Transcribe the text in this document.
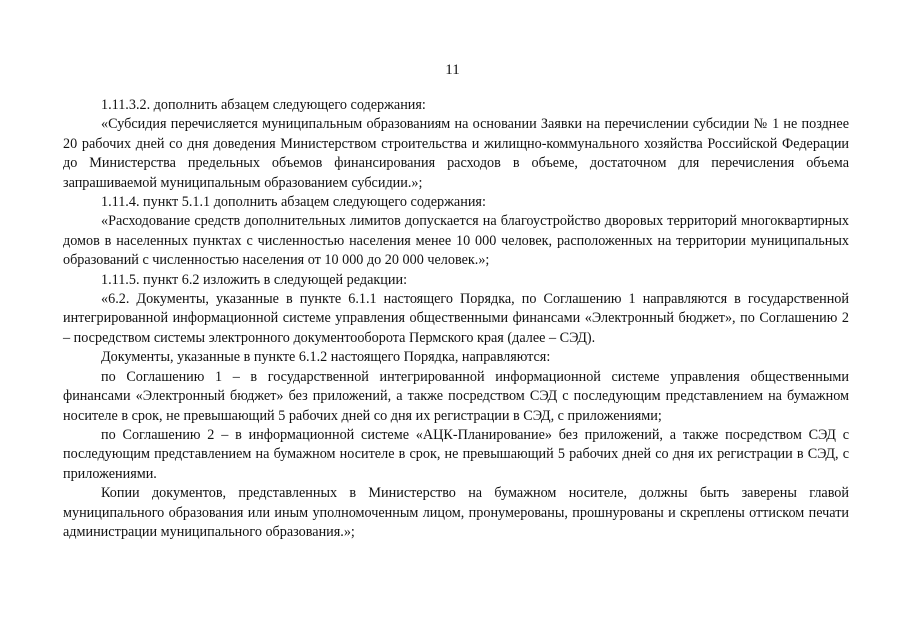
11

1.11.3.2. дополнить абзацем следующего содержания:

«Субсидия перечисляется муниципальным образованиям на основании Заявки на перечислении субсидии № 1 не позднее 20 рабочих дней со дня доведения Министерством строительства и жилищно-коммунального хозяйства Российской Федерации до Министерства предельных объемов финансирования расходов в объеме, достаточном для перечисления объема запрашиваемой муниципальным образованием субсидии.»;

1.11.4. пункт 5.1.1 дополнить абзацем следующего содержания:

«Расходование средств дополнительных лимитов допускается на благоустройство дворовых территорий многоквартирных домов в населенных пунктах с численностью населения менее 10 000 человек, расположенных на территории муниципальных образований с численностью населения от 10 000 до 20 000 человек.»;

1.11.5. пункт 6.2 изложить в следующей редакции:

«6.2. Документы, указанные в пункте 6.1.1 настоящего Порядка, по Соглашению 1 направляются в государственной интегрированной информационной системе управления общественными финансами «Электронный бюджет», по Соглашению 2 – посредством системы электронного документооборота Пермского края (далее – СЭД).

Документы, указанные в пункте 6.1.2 настоящего Порядка, направляются:

по Соглашению 1 – в государственной интегрированной информационной системе управления общественными финансами «Электронный бюджет» без приложений, а также посредством СЭД с последующим представлением на бумажном носителе в срок, не превышающий 5 рабочих дней со дня их регистрации в СЭД, с приложениями;

по Соглашению 2 – в информационной системе «АЦК-Планирование» без приложений, а также посредством СЭД с последующим представлением на бумажном носителе в срок, не превышающий 5 рабочих дней со дня их регистрации в СЭД, с приложениями.

Копии документов, представленных в Министерство на бумажном носителе, должны быть заверены главой муниципального образования или иным уполномоченным лицом, пронумерованы, прошнурованы и скреплены оттиском печати администрации муниципального образования.»;
